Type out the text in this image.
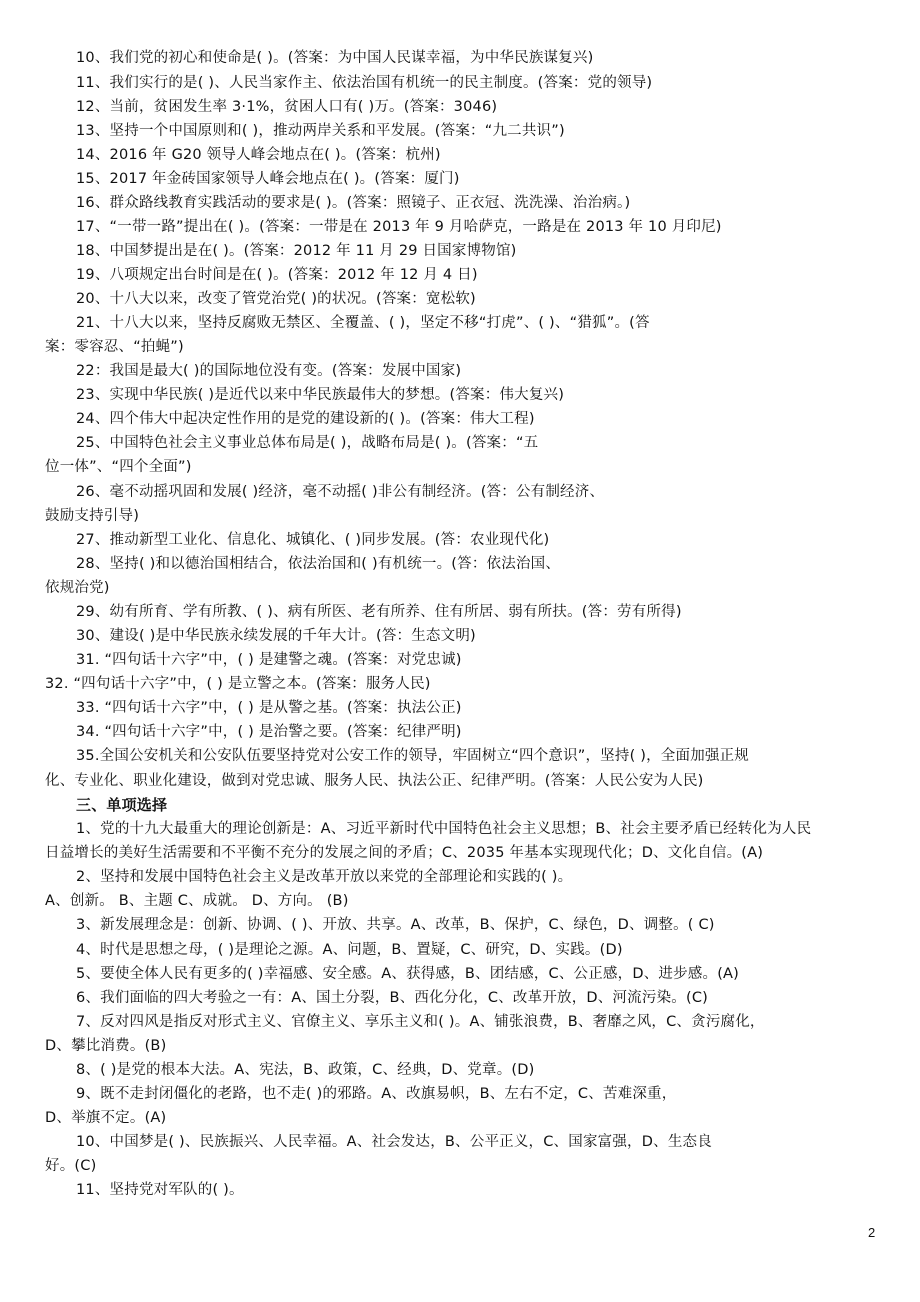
10、我们党的初心和使命是( )。(答案：为中国人民谋幸福，为中华民族谋复兴)
11、我们实行的是( )、人民当家作主、依法治国有机统一的民主制度。(答案：党的领导)
12、当前，贫困发生率 3·1%，贫困人口有( )万。(答案：3046)
13、坚持一个中国原则和( )，推动两岸关系和平发展。(答案：“九二共识”)
14、2016 年 G20 领导人峰会地点在( )。(答案：杭州)
15、2017 年金砖国家领导人峰会地点在( )。(答案：厦门)
16、群众路线教育实践活动的要求是( )。(答案：照镜子、正衣冠、洗洗澡、治治病。)
17、“一带一路”提出在( )。(答案：一带是在 2013 年 9 月哈萨克，一路是在 2013 年 10 月印尼)
18、中国梦提出是在( )。(答案：2012 年 11 月 29 日国家博物馆)
19、八项规定出台时间是在( )。(答案：2012 年 12 月 4 日)
20、十八大以来，改变了管党治党( )的状况。(答案：宽松软)
21、十八大以来，坚持反腐败无禁区、全覆盖、( )，坚定不移“打虎”、( )、“猎狐”。(答
案：零容忍、“拍蝇”)
22：我国是最大( )的国际地位没有变。(答案：发展中国家)
23、实现中华民族( )是近代以来中华民族最伟大的梦想。(答案：伟大复兴)
24、四个伟大中起决定性作用的是党的建设新的( )。(答案：伟大工程)
25、中国特色社会主义事业总体布局是( )，战略布局是( )。(答案：“五
位一体”、“四个全面”)
26、毫不动摇巩固和发展( )经济，毫不动摇( )非公有制经济。(答：公有制经济、
鼓励支持引导)
27、推动新型工业化、信息化、城镇化、( )同步发展。(答：农业现代化)
28、坚持( )和以德治国相结合，依法治国和( )有机统一。(答：依法治国、
依规治党)
29、幼有所育、学有所教、( )、病有所医、老有所养、住有所居、弱有所扶。(答：劳有所得)
30、建设( )是中华民族永续发展的千年大计。(答：生态文明)
31. “四句话十六字”中，( ) 是建警之魂。(答案：对党忠诚)
32. “四句话十六字”中，( ) 是立警之本。(答案：服务人民)
33. “四句话十六字”中，( ) 是从警之基。(答案：执法公正)
34. “四句话十六字”中，( ) 是治警之要。(答案：纪律严明)
35.全国公安机关和公安队伍要坚持党对公安工作的领导，牢固树立“四个意识”，坚持( )，全面加强正规
化、专业化、职业化建设，做到对党忠诚、服务人民、执法公正、纪律严明。(答案：人民公安为人民)
三、单项选择
1、党的十九大最重大的理论创新是：A、习近平新时代中国特色社会主义思想；B、社会主要矛盾已经转化为人民
日益增长的美好生活需要和不平衡不充分的发展之间的矛盾；C、2035 年基本实现现代化；D、文化自信。(A)
2、坚持和发展中国特色社会主义是改革开放以来党的全部理论和实践的( )。
A、创新。 B、主题 C、成就。 D、方向。 (B)
3、新发展理念是：创新、协调、( )、开放、共享。A、改革，B、保护，C、绿色，D、调整。( C)
4、时代是思想之母，( )是理论之源。A、问题，B、置疑，C、研究，D、实践。(D)
5、要使全体人民有更多的( )幸福感、安全感。A、获得感，B、团结感，C、公正感，D、进步感。(A)
6、我们面临的四大考验之一有：A、国土分裂，B、西化分化，C、改革开放，D、河流污染。(C)
7、反对四风是指反对形式主义、官僚主义、享乐主义和( )。A、铺张浪费，B、奢靡之风，C、贪污腐化，
D、攀比消费。(B)
8、( )是党的根本大法。A、宪法，B、政策，C、经典，D、党章。(D)
9、既不走封闭僵化的老路，也不走( )的邪路。A、改旗易帜，B、左右不定，C、苦难深重，
D、举旗不定。(A)
10、中国梦是( )、民族振兴、人民幸福。A、社会发达，B、公平正义，C、国家富强，D、生态良
好。(C)
11、坚持党对军队的( )。
2
